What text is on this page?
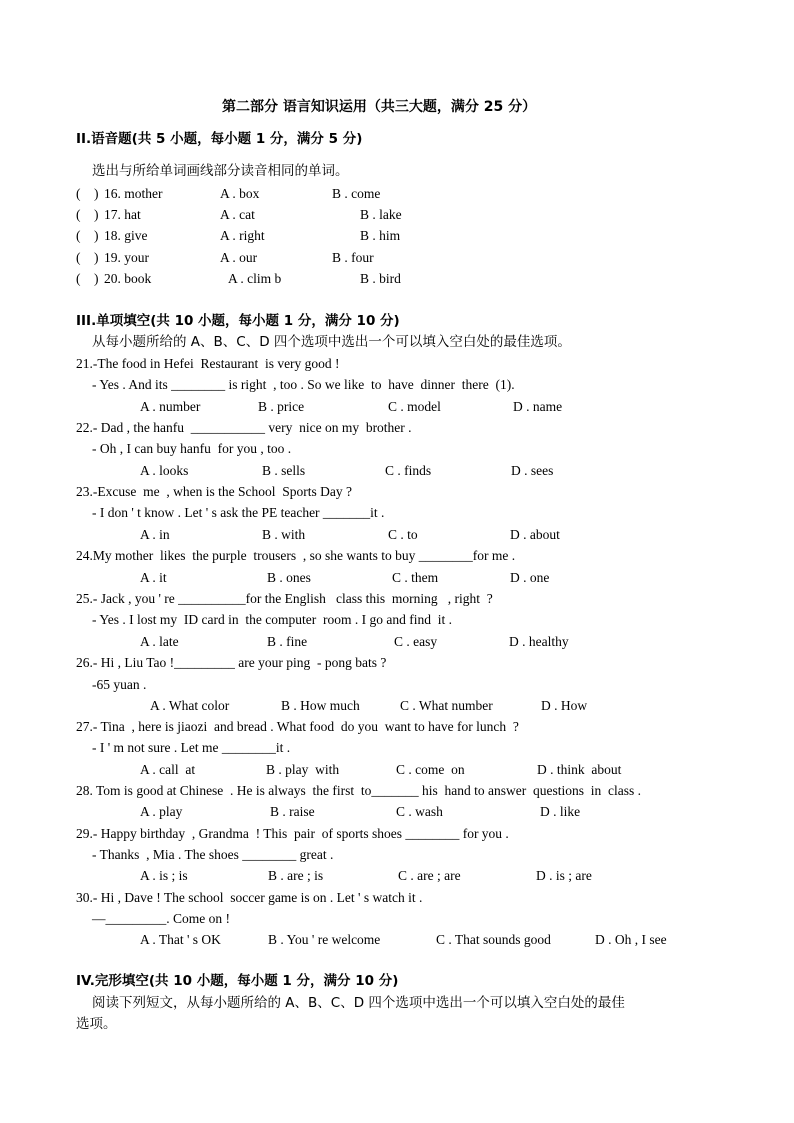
第二部分 语言知识运用（共三大题，满分 25 分）
II.语音题(共 5 小题，每小题 1 分，满分 5 分)
选出与所给单词画线部分读音相同的单词。
(    ) 16. mother	A . box	B . come
(    ) 17. hat	A . cat	B . lake
(    ) 18. give	A . right	B . him
(    ) 19. your	A . our	B . four
(    ) 20. book	A . clim b	B . bird
III.单项填空(共 10 小题，每小题 1 分，满分 10 分)
从每小题所给的 A、B、C、D 四个选项中选出一个可以填入空白处的最佳选项。
21.-The food in Hefei  Restaurant  is very good !
- Yes . And its ________ is right  , too . So we like  to  have  dinner  there  (1).
A . number	B . price	C . model	D . name
22.- Dad , the hanfu  ___________ very  nice on my  brother .
- Oh , I can buy hanfu  for you , too .
A . looks	B . sells	C . finds	D . sees
23.-Excuse  me  , when is the School  Sports Day ?
- I don ' t know . Let ' s ask the PE teacher _______it .
A . in	B . with	C . to	D . about
24.My mother  likes  the purple  trousers  , so she wants to buy ________for me .
A . it	B . ones	C . them	D . one
25.- Jack , you ' re __________for the English   class this  morning   , right  ?
- Yes . I lost my  ID card in  the computer  room . I go and find  it .
A . late	B . fine	C . easy	D . healthy
26.- Hi , Liu Tao !_________ are your ping  - pong bats ?
-65 yuan .
A . What color	B . How much	C . What number	D . How
27.- Tina  , here is jiaozi  and bread . What food  do you  want to have for lunch  ?
- I ' m not sure . Let me ________it .
A . call  at	B . play  with	C . come  on	D . think  about
28. Tom is good at Chinese  . He is always  the first  to_______ his  hand to answer  questions  in  class .
A . play	B . raise	C . wash	D . like
29.- Happy birthday  , Grandma  ! This  pair  of sports shoes ________ for you .
- Thanks  , Mia . The shoes ________ great .
A . is ; is	B . are ; is	C . are ; are	D . is ; are
30.- Hi , Dave ! The school  soccer game is on . Let ' s watch it .
—_________. Come on !
A . That ' s OK	B . You ' re welcome	C . That sounds good	D . Oh , I see
IV.完形填空(共 10 小题，每小题 1 分，满分 10 分)
阅读下列短文，从每小题所给的 A、B、C、D 四个选项中选出一个可以填入空白处的最佳
选项。
